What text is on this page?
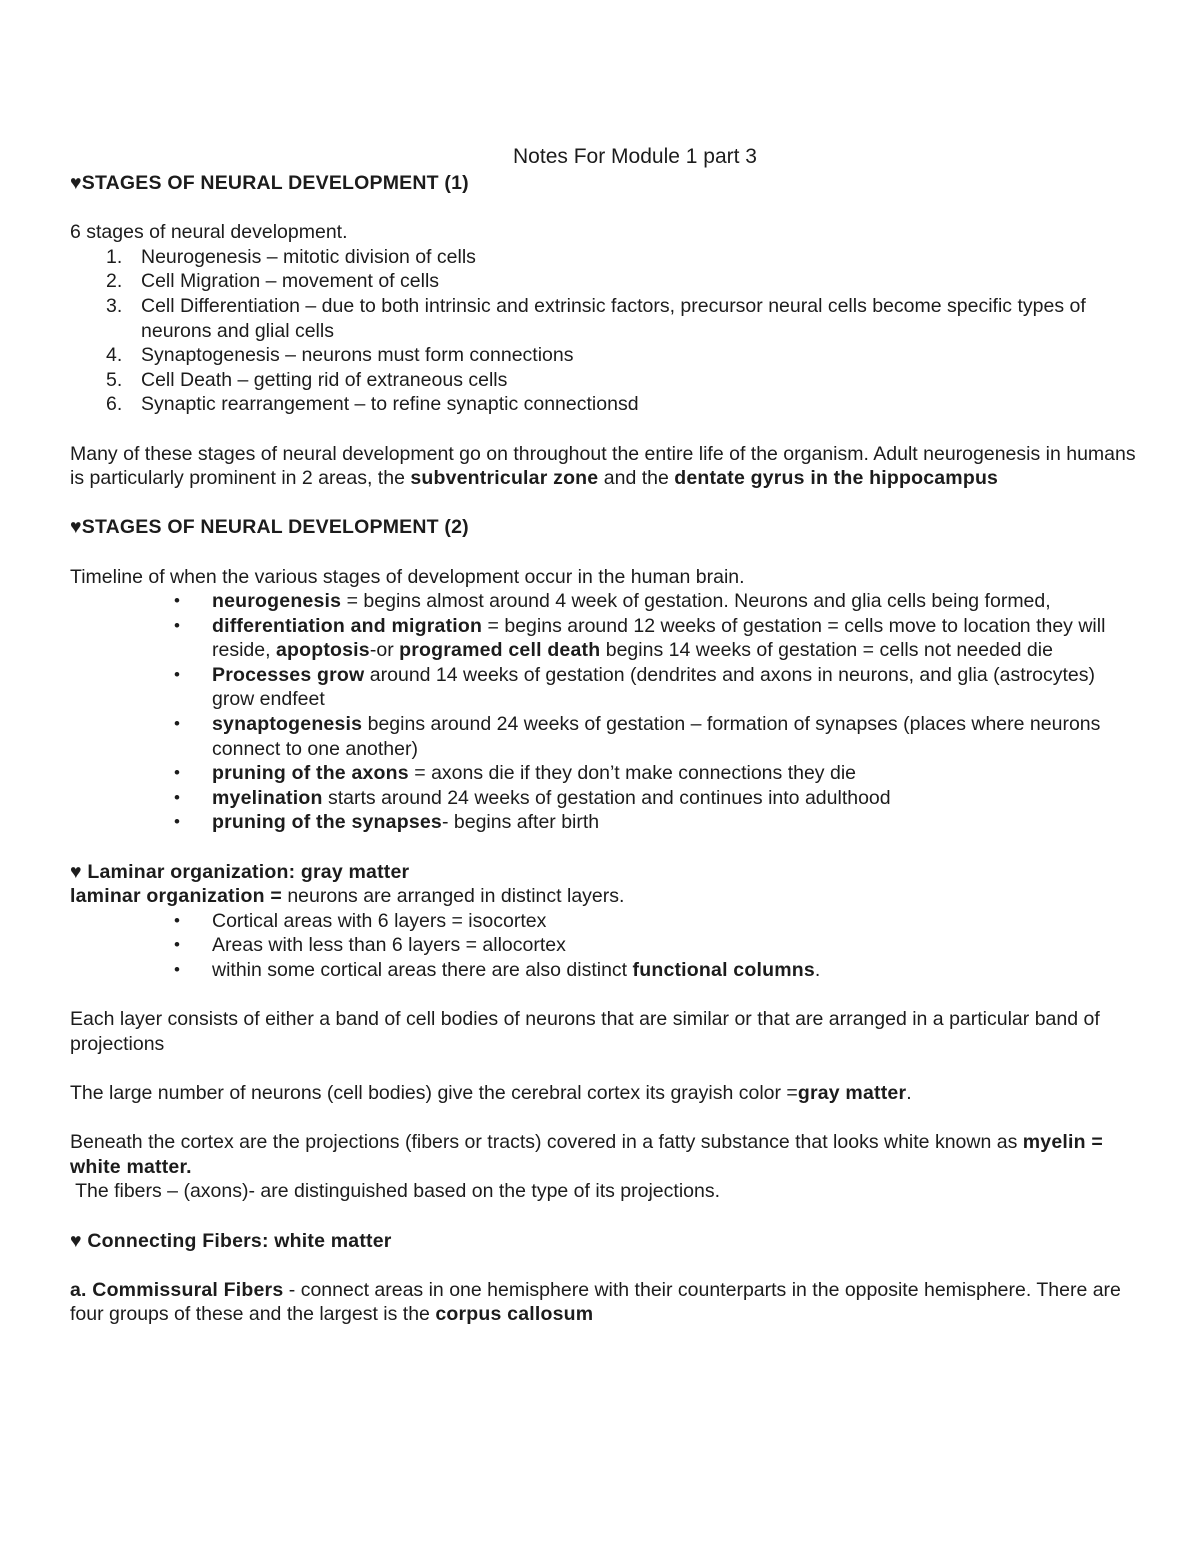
Notes For Module 1 part 3

♥STAGES OF NEURAL DEVELOPMENT (1)

6 stages of neural development.

1. Neurogenesis – mitotic division of cells
2. Cell Migration – movement of cells
3. Cell Differentiation – due to both intrinsic and extrinsic factors, precursor neural cells become specific types of neurons and glial cells
4. Synaptogenesis – neurons must form connections
5. Cell Death – getting rid of extraneous cells
6. Synaptic rearrangement – to refine synaptic connectionsd

Many of these stages of neural development go on throughout the entire life of the organism. Adult neurogenesis in humans is particularly prominent in 2 areas, the subventricular zone and the dentate gyrus in the hippocampus

♥STAGES OF NEURAL DEVELOPMENT (2)

Timeline of when the various stages of development occur in the human brain.

• neurogenesis = begins almost around 4 week of gestation. Neurons and glia cells being formed,
• differentiation and migration = begins around 12 weeks of gestation = cells move to location they will reside, apoptosis-or programed cell death begins 14 weeks of gestation = cells not needed die
• Processes grow around 14 weeks of gestation (dendrites and axons in neurons, and glia (astrocytes) grow endfeet
• synaptogenesis begins around 24 weeks of gestation – formation of synapses (places where neurons connect to one another)
• pruning of the axons = axons die if they don’t make connections they die
• myelination starts around 24 weeks of gestation and continues into adulthood
• pruning of the synapses- begins after birth

♥ Laminar organization: gray matter

laminar organization = neurons are arranged in distinct layers.

• Cortical areas with 6 layers = isocortex
• Areas with less than 6 layers = allocortex
• within some cortical areas there are also distinct functional columns.

Each layer consists of either a band of cell bodies of neurons that are similar or that are arranged in a particular band of projections

The large number of neurons (cell bodies) give the cerebral cortex its grayish color =gray matter.

Beneath the cortex are the projections (fibers or tracts) covered in a fatty substance that looks white known as myelin = white matter.

The fibers – (axons)- are distinguished based on the type of its projections.

♥ Connecting Fibers: white matter

a. Commissural Fibers - connect areas in one hemisphere with their counterparts in the opposite hemisphere. There are four groups of these and the largest is the corpus callosum
